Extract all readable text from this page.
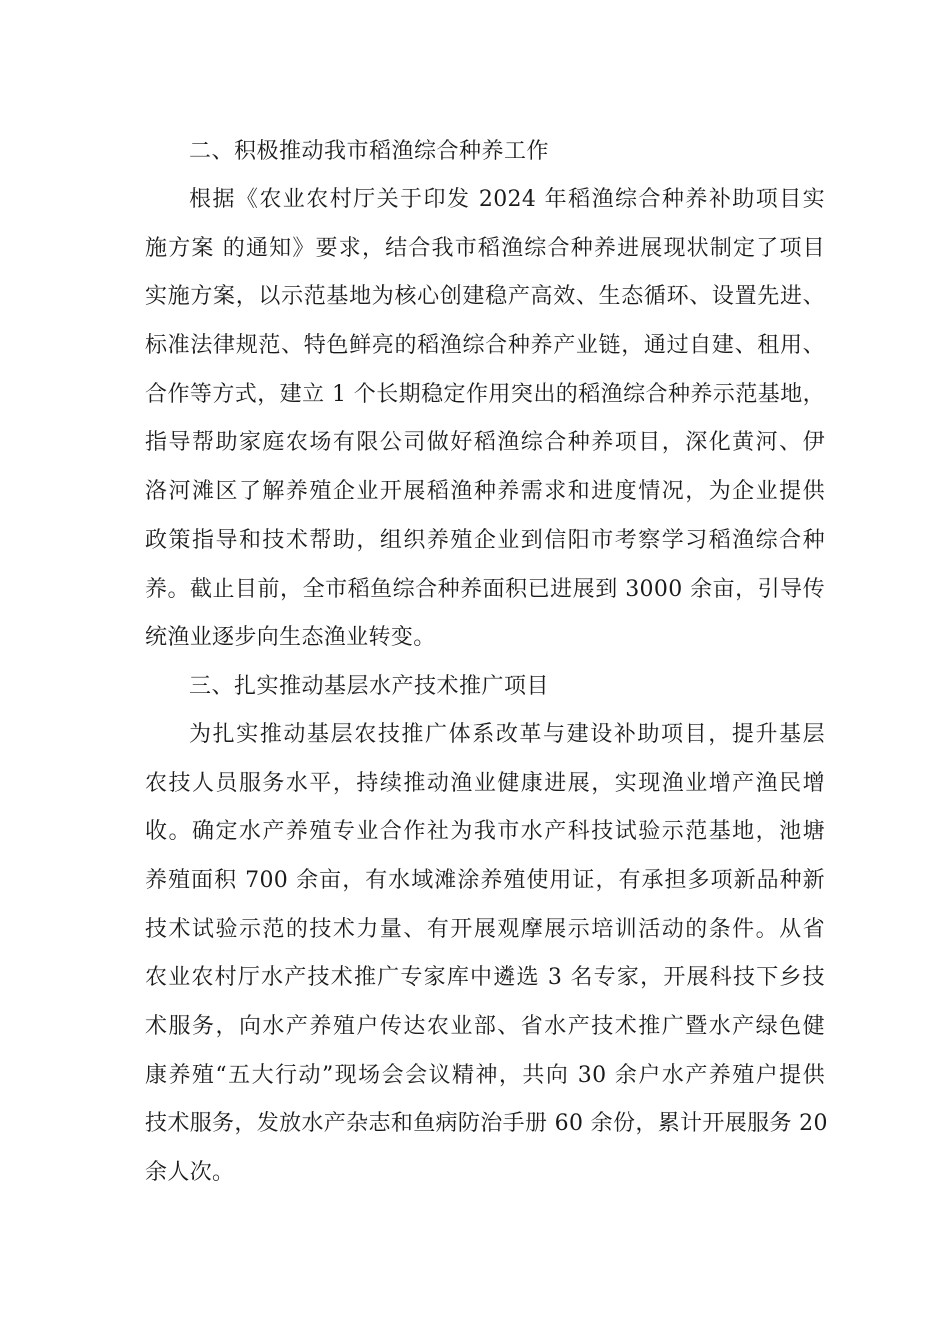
二、积极推动我市稻渔综合种养工作
根据《农业农村厅关于印发 2024 年稻渔综合种养补助项目实
施方案 的通知》要求，结合我市稻渔综合种养进展现状制定了项目
实施方案，以示范基地为核心创建稳产高效、生态循环、设置先进、
标准法律规范、特色鲜亮的稻渔综合种养产业链，通过自建、租用、
合作等方式，建立 1 个长期稳定作用突出的稻渔综合种养示范基地，
指导帮助家庭农场有限公司做好稻渔综合种养项目，深化黄河、伊
洛河滩区了解养殖企业开展稻渔种养需求和进度情况，为企业提供
政策指导和技术帮助，组织养殖企业到信阳市考察学习稻渔综合种
养。截止目前，全市稻鱼综合种养面积已进展到 3000 余亩，引导传
统渔业逐步向生态渔业转变。
三、扎实推动基层水产技术推广项目
为扎实推动基层农技推广体系改革与建设补助项目，提升基层
农技人员服务水平，持续推动渔业健康进展，实现渔业增产渔民增
收。确定水产养殖专业合作社为我市水产科技试验示范基地，池塘
养殖面积 700 余亩，有水域滩涂养殖使用证，有承担多项新品种新
技术试验示范的技术力量、有开展观摩展示培训活动的条件。从省
农业农村厅水产技术推广专家库中遴选 3 名专家，开展科技下乡技
术服务，向水产养殖户传达农业部、省水产技术推广暨水产绿色健
康养殖“五大行动”现场会会议精神，共向 30 余户水产养殖户提供
技术服务，发放水产杂志和鱼病防治手册 60 余份，累计开展服务 20
余人次。
